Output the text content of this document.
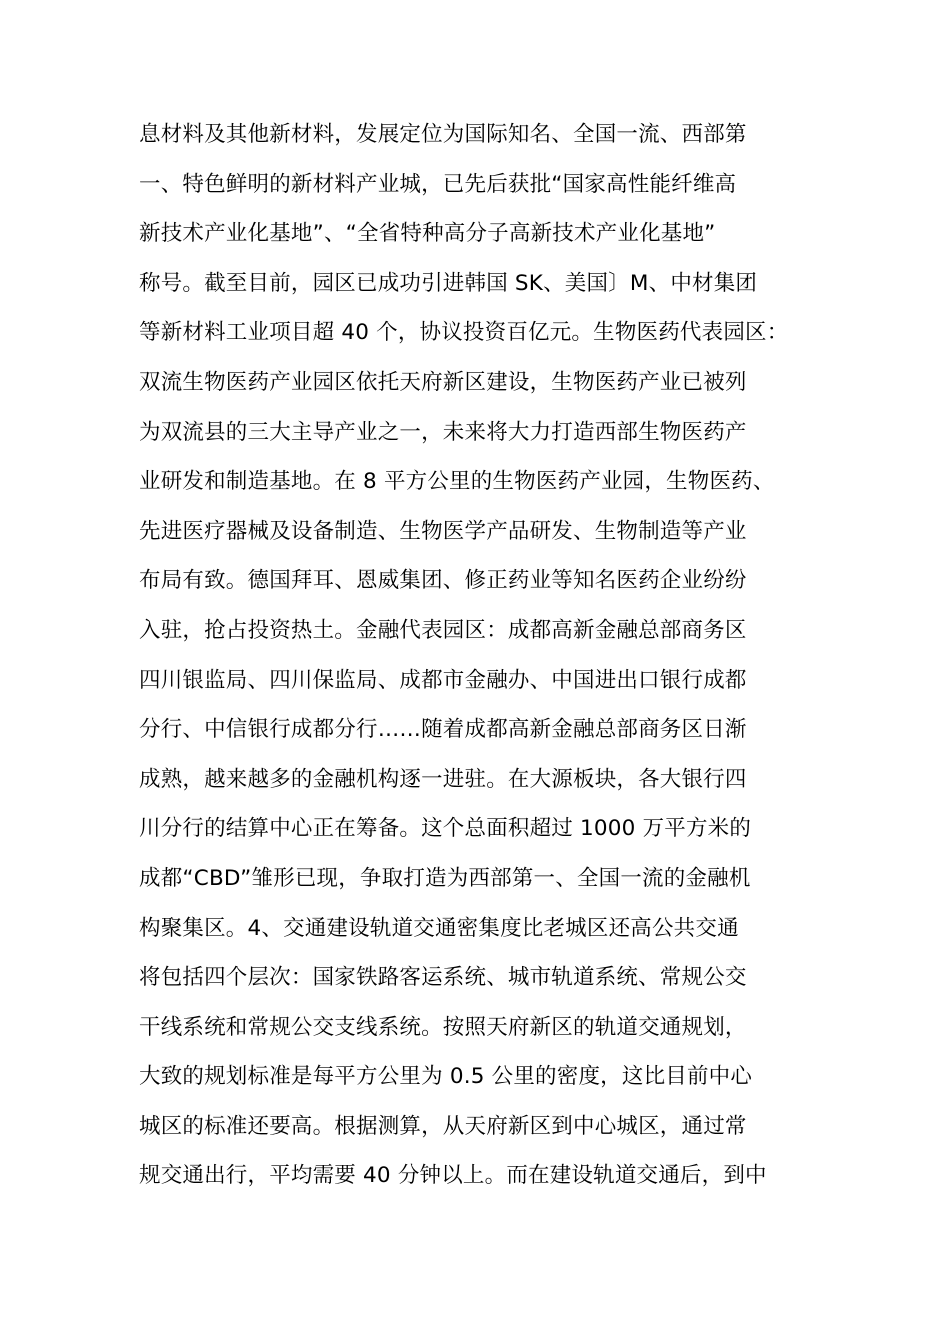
息材料及其他新材料，发展定位为国际知名、全国一流、西部第
一、特色鲜明的新材料产业城，已先后获批“国家高性能纤维高
新技术产业化基地”、“全省特种高分子高新技术产业化基地”
称号。截至目前，园区已成功引进韩国 SK、美国〕M、中材集团
等新材料工业项目超 40 个，协议投资百亿元。生物医药代表园区：
双流生物医药产业园区依托天府新区建设，生物医药产业已被列
为双流县的三大主导产业之一，未来将大力打造西部生物医药产
业研发和制造基地。在 8 平方公里的生物医药产业园，生物医药、
先进医疗器械及设备制造、生物医学产品研发、生物制造等产业
布局有致。德国拜耳、恩威集团、修正药业等知名医药企业纷纷
入驻，抢占投资热土。金融代表园区：成都高新金融总部商务区
四川银监局、四川保监局、成都市金融办、中国进出口银行成都
分行、中信银行成都分行……随着成都高新金融总部商务区日渐
成熟，越来越多的金融机构逐一进驻。在大源板块，各大银行四
川分行的结算中心正在筹备。这个总面积超过 1000 万平方米的
成都“CBD”雏形已现，争取打造为西部第一、全国一流的金融机
构聚集区。4、交通建设轨道交通密集度比老城区还高公共交通
将包括四个层次：国家铁路客运系统、城市轨道系统、常规公交
干线系统和常规公交支线系统。按照天府新区的轨道交通规划，
大致的规划标准是每平方公里为 0.5 公里的密度，这比目前中心
城区的标准还要高。根据测算，从天府新区到中心城区，通过常
规交通出行，平均需要 40 分钟以上。而在建设轨道交通后，到中
